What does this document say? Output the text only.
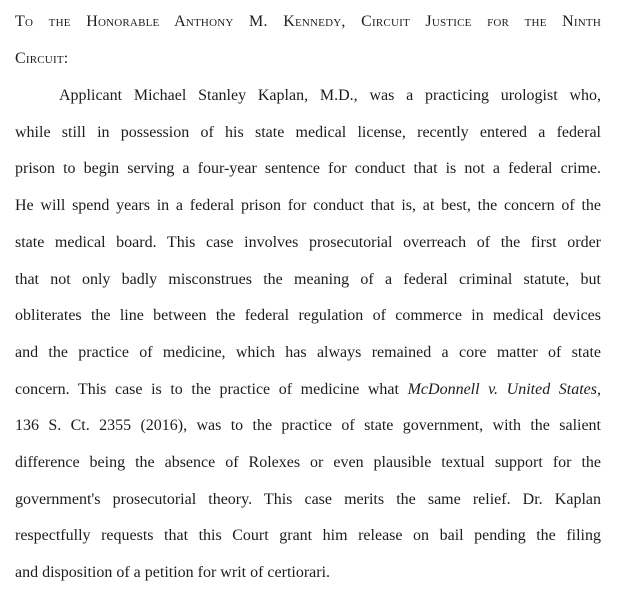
To the Honorable Anthony M. Kennedy, Circuit Justice for the Ninth
Circuit:
Applicant Michael Stanley Kaplan, M.D., was a practicing urologist who,
while still in possession of his state medical license, recently entered a federal
prison to begin serving a four-year sentence for conduct that is not a federal crime.
He will spend years in a federal prison for conduct that is, at best, the concern of the
state medical board. This case involves prosecutorial overreach of the first order
that not only badly misconstrues the meaning of a federal criminal statute, but
obliterates the line between the federal regulation of commerce in medical devices
and the practice of medicine, which has always remained a core matter of state
concern. This case is to the practice of medicine what McDonnell v. United States,
136 S. Ct. 2355 (2016), was to the practice of state government, with the salient
difference being the absence of Rolexes or even plausible textual support for the
government's prosecutorial theory. This case merits the same relief. Dr. Kaplan
respectfully requests that this Court grant him release on bail pending the filing
and disposition of a petition for writ of certiorari.
